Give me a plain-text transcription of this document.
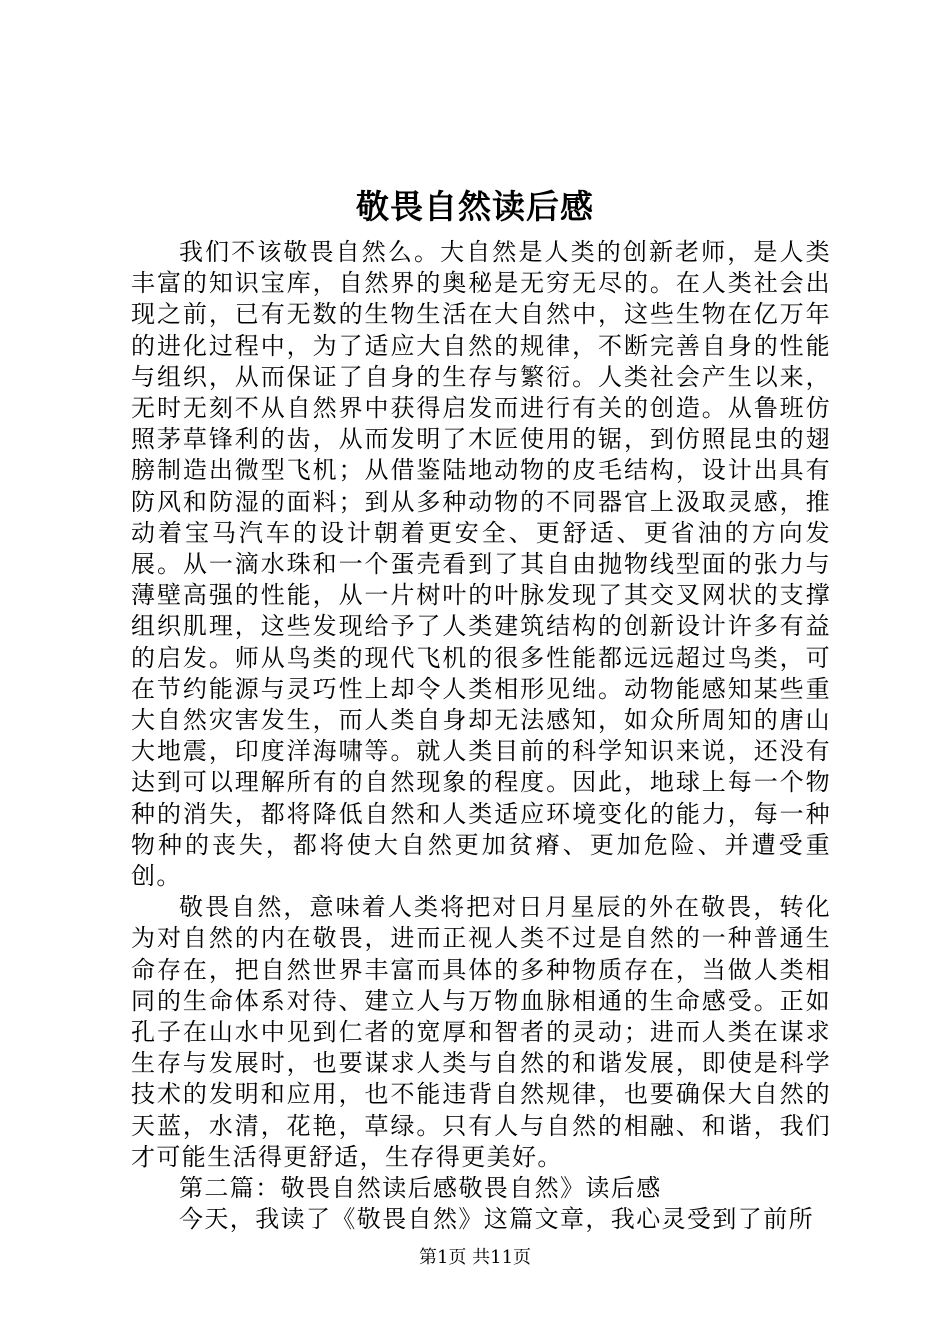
敬畏自然读后感

我们不该敬畏自然么。大自然是人类的创新老师，是人类丰富的知识宝库，自然界的奥秘是无穷无尽的。在人类社会出现之前，已有无数的生物生活在大自然中，这些生物在亿万年的进化过程中，为了适应大自然的规律，不断完善自身的性能与组织，从而保证了自身的生存与繁衍。人类社会产生以来，无时无刻不从自然界中获得启发而进行有关的创造。从鲁班仿照茅草锋利的齿，从而发明了木匠使用的锯，到仿照昆虫的翅膀制造出微型飞机；从借鉴陆地动物的皮毛结构，设计出具有防风和防湿的面料；到从多种动物的不同器官上汲取灵感，推动着宝马汽车的设计朝着更安全、更舒适、更省油的方向发展。从一滴水珠和一个蛋壳看到了其自由抛物线型面的张力与薄壁高强的性能，从一片树叶的叶脉发现了其交叉网状的支撑组织肌理，这些发现给予了人类建筑结构的创新设计许多有益的启发。师从鸟类的现代飞机的很多性能都远远超过鸟类，可在节约能源与灵巧性上却令人类相形见绌。动物能感知某些重大自然灾害发生，而人类自身却无法感知，如众所周知的唐山大地震，印度洋海啸等。就人类目前的科学知识来说，还没有达到可以理解所有的自然现象的程度。因此，地球上每一个物种的消失，都将降低自然和人类适应环境变化的能力，每一种物种的丧失，都将使大自然更加贫瘠、更加危险、并遭受重创。

敬畏自然，意味着人类将把对日月星辰的外在敬畏，转化为对自然的内在敬畏，进而正视人类不过是自然的一种普通生命存在，把自然世界丰富而具体的多种物质存在，当做人类相同的生命体系对待、建立人与万物血脉相通的生命感受。正如孔子在山水中见到仁者的宽厚和智者的灵动；进而人类在谋求生存与发展时，也要谋求人类与自然的和谐发展，即使是科学技术的发明和应用，也不能违背自然规律，也要确保大自然的天蓝，水清，花艳，草绿。只有人与自然的相融、和谐，我们才可能生活得更舒适，生存得更美好。

第二篇：敬畏自然读后感敬畏自然》读后感

今天，我读了《敬畏自然》这篇文章，我心灵受到了前所

第1页 共11页
